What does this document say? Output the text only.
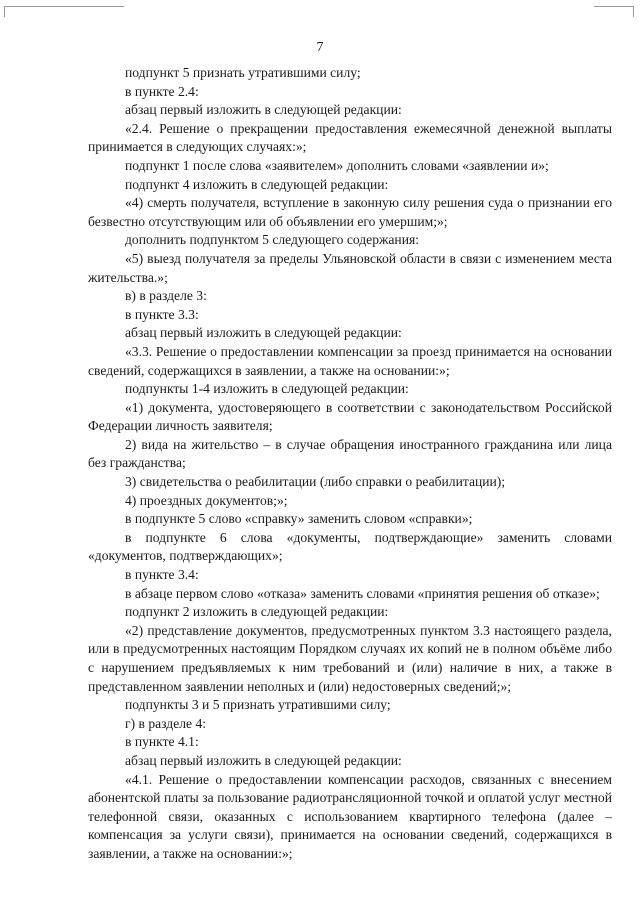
7

подпункт 5 признать утратившими силу;

в пункте 2.4:

абзац первый изложить в следующей редакции:

«2.4. Решение о прекращении предоставления ежемесячной денежной выплаты принимается в следующих случаях:»;

подпункт 1 после слова «заявителем» дополнить словами «заявлении и»;

подпункт 4 изложить в следующей редакции:

«4) смерть получателя, вступление в законную силу решения суда о признании его безвестно отсутствующим или об объявлении его умершим;»;

дополнить подпунктом 5 следующего содержания:

«5) выезд получателя за пределы Ульяновской области в связи с изменением места жительства.»;

в) в разделе 3:

в пункте 3.3:

абзац первый изложить в следующей редакции:

«3.3. Решение о предоставлении компенсации за проезд принимается на основании сведений, содержащихся в заявлении, а также на основании:»;

подпункты 1-4 изложить в следующей редакции:

«1) документа, удостоверяющего в соответствии с законодательством Российской Федерации личность заявителя;

2) вида на жительство – в случае обращения иностранного гражданина или лица без гражданства;

3) свидетельства о реабилитации (либо справки о реабилитации);

4) проездных документов;»;

в подпункте 5 слово «справку» заменить словом «справки»;

в подпункте 6 слова «документы, подтверждающие» заменить словами «документов, подтверждающих»;

в пункте 3.4:

в абзаце первом слово «отказа» заменить словами «принятия решения об отказе»;

подпункт 2 изложить в следующей редакции:

«2) представление документов, предусмотренных пунктом 3.3 настоящего раздела, или в предусмотренных настоящим Порядком случаях их копий не в полном объёме либо с нарушением предъявляемых к ним требований и (или) наличие в них, а также в представленном заявлении неполных и (или) недостоверных сведений;»;

подпункты 3 и 5 признать утратившими силу;

г) в разделе 4:

в пункте 4.1:

абзац первый изложить в следующей редакции:

«4.1. Решение о предоставлении компенсации расходов, связанных с внесением абонентской платы за пользование радиотрансляционной точкой и оплатой услуг местной телефонной связи, оказанных с использованием квартирного телефона (далее – компенсация за услуги связи), принимается на основании сведений, содержащихся в заявлении, а также на основании:»;
